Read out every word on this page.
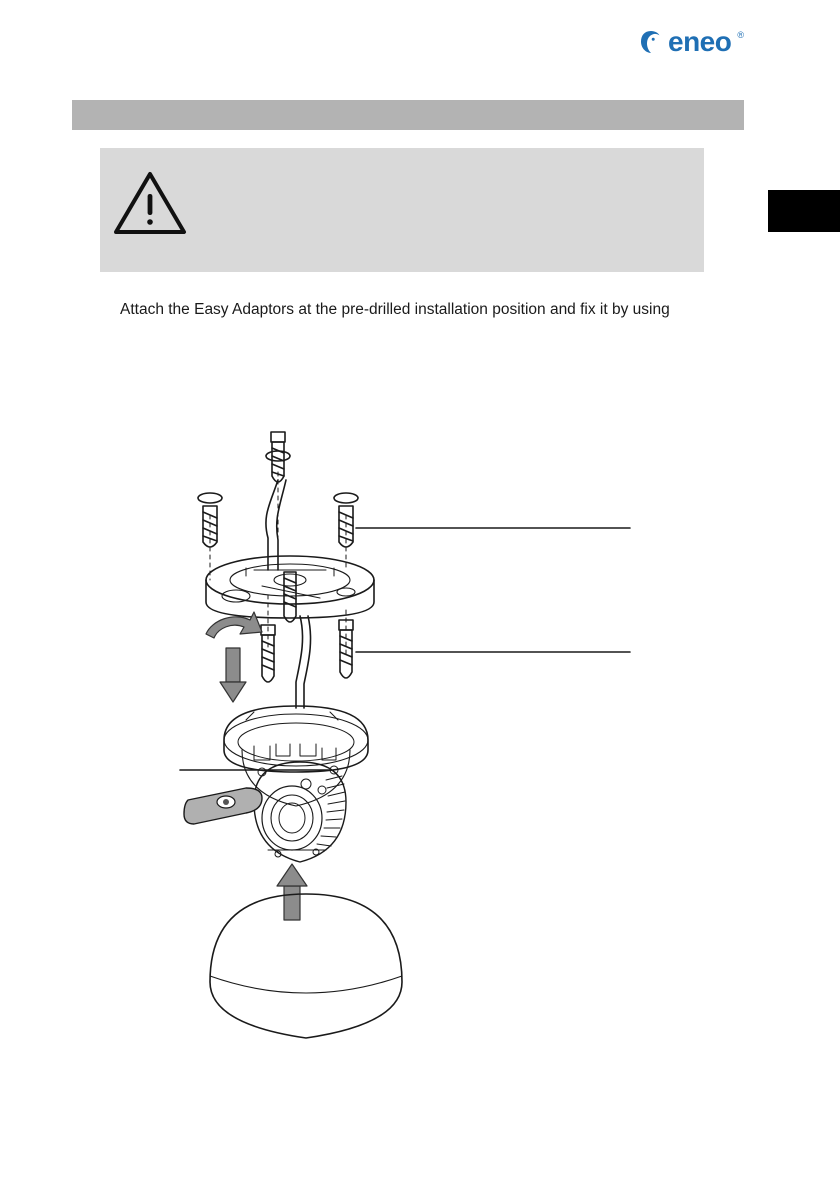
eneo ®
Attach the Easy Adaptors at the pre-drilled installation position and fix it by using
